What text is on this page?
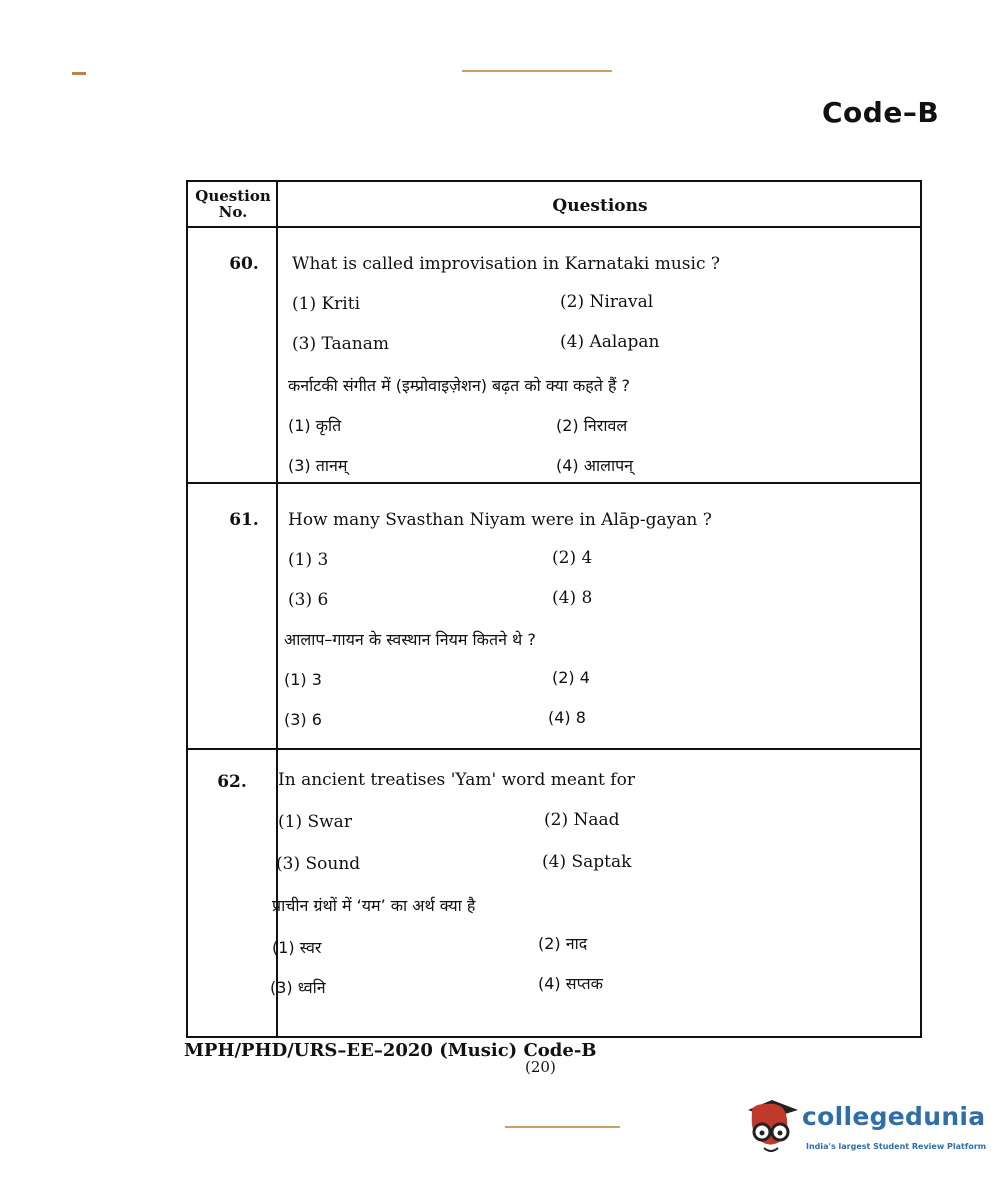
Code–B
Question
No.	Questions
60.	What is called improvisation in Karnataki music ?
(1) Kriti	(2) Niraval
(3) Taanam	(4) Aalapan
कर्नाटकी संगीत में (इम्प्रोवाइज़ेशन) बढ़त को क्या कहते हैं ?
(1) कृति	(2) निरावल
(3) तानम्	(4) आलापन्
61.	How many Svasthan Niyam were in Alāp-gayan ?
(1) 3	(2) 4
(3) 6	(4) 8
आलाप–गायन के स्वस्थान नियम कितने थे ?
(1) 3	(2) 4
(3) 6	(4) 8
62.	In ancient treatises 'Yam' word meant for
(1) Swar	(2) Naad
(3) Sound	(4) Saptak
प्राचीन ग्रंथों में ‘यम’ का अर्थ क्या है
(1) स्वर	(2) नाद
(3) ध्वनि	(4) सप्तक
MPH/PHD/URS–EE–2020 (Music) Code-B
(20)
collegedunia
India's largest Student Review Platform
